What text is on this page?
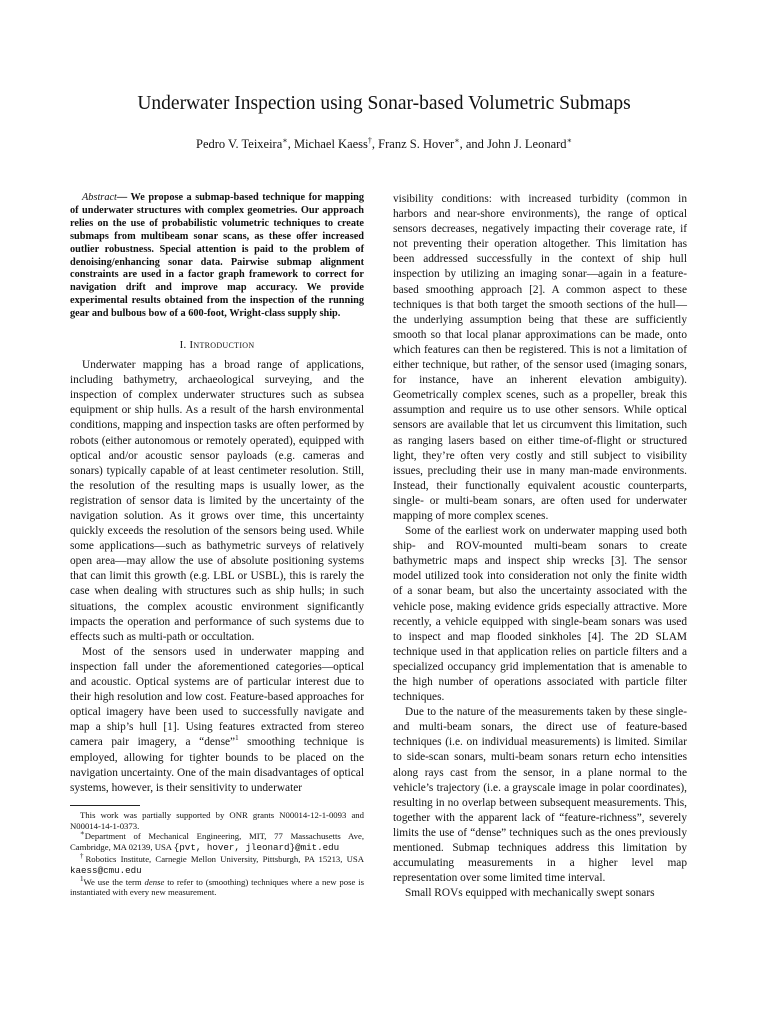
Underwater Inspection using Sonar-based Volumetric Submaps
Pedro V. Teixeira∗, Michael Kaess†, Franz S. Hover∗, and John J. Leonard∗

Abstract— We propose a submap-based technique for mapping of underwater structures with complex geometries. Our approach relies on the use of probabilistic volumetric techniques to create submaps from multibeam sonar scans, as these offer increased outlier robustness. Special attention is paid to the problem of denoising/enhancing sonar data. Pairwise submap alignment constraints are used in a factor graph framework to correct for navigation drift and improve map accuracy. We provide experimental results obtained from the inspection of the running gear and bulbous bow of a 600-foot, Wright-class supply ship.

I. Introduction

Underwater mapping has a broad range of applications, including bathymetry, archaeological surveying, and the inspection of complex underwater structures such as subsea equipment or ship hulls. As a result of the harsh environmental conditions, mapping and inspection tasks are often performed by robots (either autonomous or remotely operated), equipped with optical and/or acoustic sensor payloads (e.g. cameras and sonars) typically capable of at least centimeter resolution. Still, the resolution of the resulting maps is usually lower, as the registration of sensor data is limited by the uncertainty of the navigation solution. As it grows over time, this uncertainty quickly exceeds the resolution of the sensors being used. While some applications—such as bathymetric surveys of relatively open area—may allow the use of absolute positioning systems that can limit this growth (e.g. LBL or USBL), this is rarely the case when dealing with structures such as ship hulls; in such situations, the complex acoustic environment significantly impacts the operation and performance of such systems due to effects such as multi-path or occultation.

Most of the sensors used in underwater mapping and inspection fall under the aforementioned categories—optical and acoustic. Optical systems are of particular interest due to their high resolution and low cost. Feature-based approaches for optical imagery have been used to successfully navigate and map a ship’s hull [1]. Using features extracted from stereo camera pair imagery, a “dense”$^1$ smoothing technique is employed, allowing for tighter bounds to be placed on the navigation uncertainty. One of the main disadvantages of optical systems, however, is their sensitivity to underwater

This work was partially supported by ONR grants N00014-12-1-0093 and N00014-14-1-0373.

∗Department of Mechanical Engineering, MIT, 77 Massachusetts Ave, Cambridge, MA 02139, USA {pvt, hover, jleonard}@mit.edu

†Robotics Institute, Carnegie Mellon University, Pittsburgh, PA 15213, USA kaess@cmu.edu

$^1$We use the term dense to refer to (smoothing) techniques where a new pose is instantiated with every new measurement.

visibility conditions: with increased turbidity (common in harbors and near-shore environments), the range of optical sensors decreases, negatively impacting their coverage rate, if not preventing their operation altogether. This limitation has been addressed successfully in the context of ship hull inspection by utilizing an imaging sonar—again in a feature-based smoothing approach [2]. A common aspect to these techniques is that both target the smooth sections of the hull—the underlying assumption being that these are sufficiently smooth so that local planar approximations can be made, onto which features can then be registered. This is not a limitation of either technique, but rather, of the sensor used (imaging sonars, for instance, have an inherent elevation ambiguity). Geometrically complex scenes, such as a propeller, break this assumption and require us to use other sensors. While optical sensors are available that let us circumvent this limitation, such as ranging lasers based on either time-of-flight or structured light, they’re often very costly and still subject to visibility issues, precluding their use in many man-made environments. Instead, their functionally equivalent acoustic counterparts, single- or multi-beam sonars, are often used for underwater mapping of more complex scenes.

Some of the earliest work on underwater mapping used both ship- and ROV-mounted multi-beam sonars to create bathymetric maps and inspect ship wrecks [3]. The sensor model utilized took into consideration not only the finite width of a sonar beam, but also the uncertainty associated with the vehicle pose, making evidence grids especially attractive. More recently, a vehicle equipped with single-beam sonars was used to inspect and map flooded sinkholes [4]. The 2D SLAM technique used in that application relies on particle filters and a specialized occupancy grid implementation that is amenable to the high number of operations associated with particle filter techniques.

Due to the nature of the measurements taken by these single- and multi-beam sonars, the direct use of feature-based techniques (i.e. on individual measurements) is limited. Similar to side-scan sonars, multi-beam sonars return echo intensities along rays cast from the sensor, in a plane normal to the vehicle’s trajectory (i.e. a grayscale image in polar coordinates), resulting in no overlap between subsequent measurements. This, together with the apparent lack of “feature-richness”, severely limits the use of “dense” techniques such as the ones previously mentioned. Submap techniques address this limitation by accumulating measurements in a higher level map representation over some limited time interval.

Small ROVs equipped with mechanically swept sonars
